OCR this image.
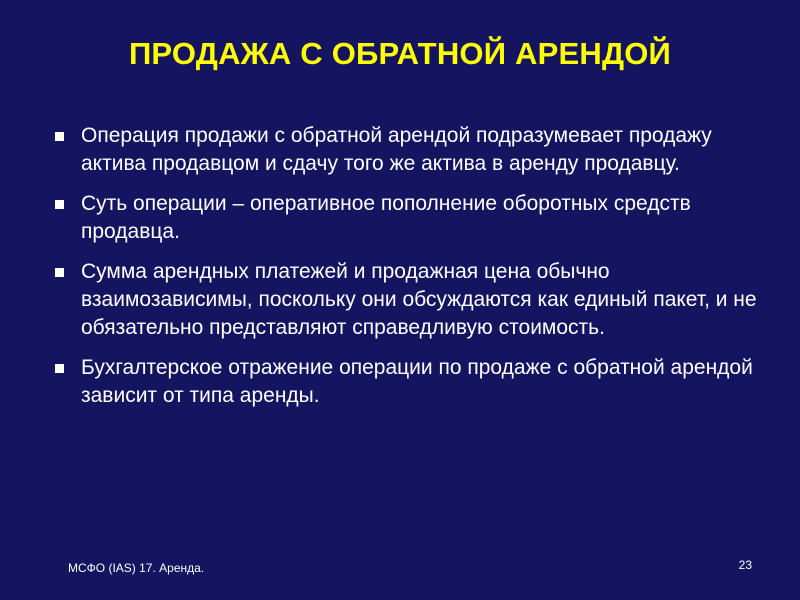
ПРОДАЖА С ОБРАТНОЙ АРЕНДОЙ
Операция продажи с обратной арендой подразумевает продажу актива продавцом и сдачу того же актива в аренду продавцу.
Суть операции – оперативное пополнение оборотных средств продавца.
Сумма арендных платежей и продажная цена обычно взаимозависимы, поскольку они обсуждаются как единый пакет, и не обязательно представляют справедливую стоимость.
Бухгалтерское отражение операции по продаже с обратной арендой зависит от типа аренды.
МСФО (IAS) 17. Аренда.	23
